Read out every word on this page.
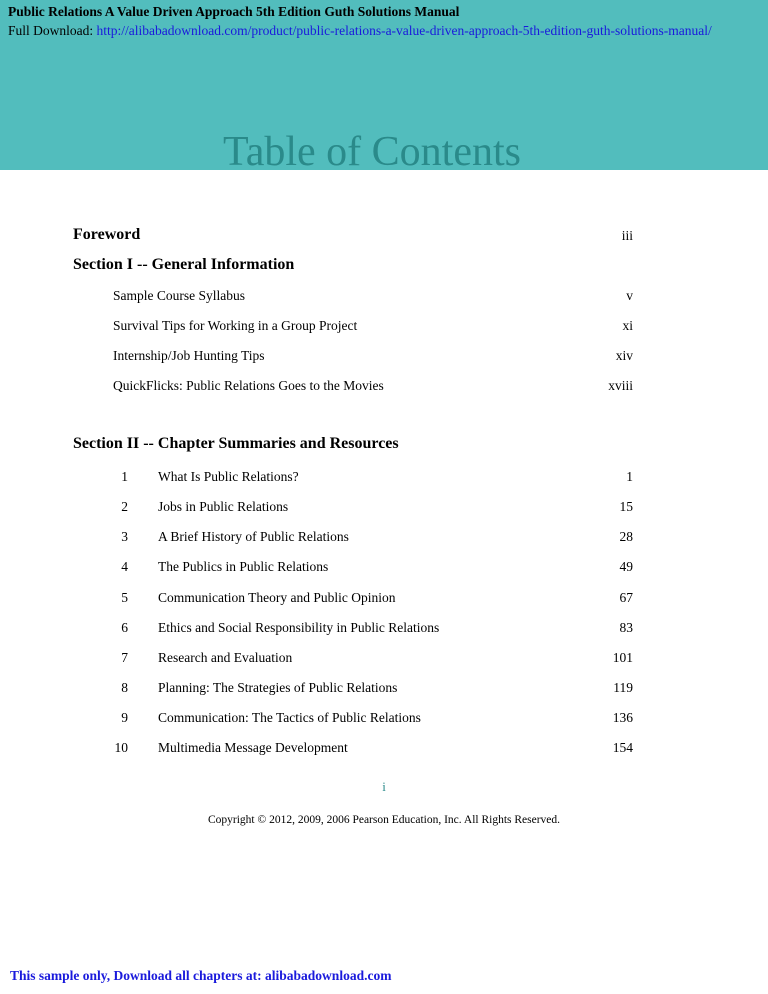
Public Relations A Value Driven Approach 5th Edition Guth Solutions Manual
Full Download: http://alibabadownload.com/product/public-relations-a-value-driven-approach-5th-edition-guth-solutions-manual/
Table of Contents
Foreword	iii
Section I -- General Information
Sample Course Syllabus	v
Survival Tips for Working in a Group Project	xi
Internship/Job Hunting Tips	xiv
QuickFlicks: Public Relations Goes to the Movies	xviii
Section II -- Chapter Summaries and Resources
1 What Is Public Relations?	1
2 Jobs in Public Relations	15
3 A Brief History of Public Relations	28
4 The Publics in Public Relations	49
5 Communication Theory and Public Opinion	67
6 Ethics and Social Responsibility in Public Relations	83
7 Research and Evaluation	101
8 Planning: The Strategies of Public Relations	119
9 Communication: The Tactics of Public Relations	136
10 Multimedia Message Development	154
i
Copyright © 2012, 2009, 2006 Pearson Education, Inc. All Rights Reserved.
This sample only, Download all chapters at: alibabadownload.com
